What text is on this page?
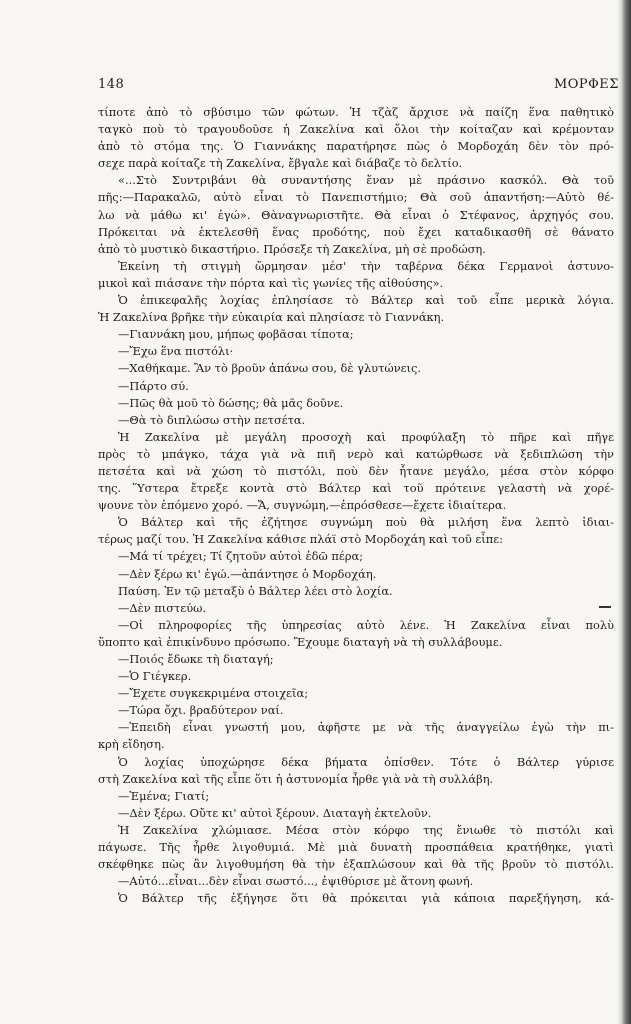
148	ΜΟΡΦΕΣ
τίποτε ἀπὸ τὸ σβύσιμο τῶν φώτων. Ἡ τζὰζ ἄρχισε νὰ παίζη ἕνα παθητικὸ
ταγκὸ ποὺ τὸ τραγουδοῦσε ἡ Ζακελίνα καὶ ὅλοι τὴν κοίταζαν καὶ κρέμονταν
ἀπὸ τὸ στόμα της. Ὁ Γιαννάκης παρατήρησε πὼς ὁ Μορδοχάη δὲν τὸν πρό-
σεχε παρὰ κοίταζε τὴ Ζακελίνα, ἔβγαλε καὶ διάβαζε τὸ δελτίο.
«...Στὸ Συντριβάνι θὰ συναντήσης ἕναν μὲ πράσινο κασκόλ. Θὰ τοῦ
πῆς:—Παρακαλῶ, αὐτὸ εἶναι τὸ Πανεπιστήμιο; Θὰ σοῦ ἀπαντήση:—Αὐτὸ θέ-
λω νὰ μάθω κι' ἐγώ». Θὰναγνωριστῆτε. Θὰ εἶναι ὁ Στέφανος, ἀρχηγός σου.
Πρόκειται νὰ ἐκτελεσθῆ ἕνας προδότης, ποὺ ἔχει καταδικασθῆ σὲ θάνατο
ἀπὸ τὸ μυστικὸ δικαστήριο. Πρόσεξε τὴ Ζακελίνα, μὴ σὲ προδώση.
Ἐκείνη τὴ στιγμὴ ὥρμησαν μέσ' τὴν ταβέρνα δέκα Γερμανοὶ ἀστυνο-
μικοὶ καὶ πιάσανε τὴν πόρτα καὶ τὶς γωνίες τῆς αἰθούσης».
Ὁ ἐπικεφαλῆς λοχίας ἐπλησίασε τὸ Βάλτερ καὶ τοῦ εἶπε μερικὰ λόγια.
Ἡ Ζακελίνα βρῆκε τὴν εὐκαιρία καὶ πλησίασε τὸ Γιαννάκη.
—Γιαννάκη μου, μήπως φοβᾶσαι τίποτα;
—Ἔχω ἕνα πιστόλι·
—Χαθήκαμε. Ἂν τὸ βροῦν ἀπάνω σου, δὲ γλυτώνεις.
—Πάρτο σύ.
—Πῶς θὰ μοῦ τὸ δώσης; θὰ μᾶς δοῦνε.
—Θὰ τὸ διπλώσω στὴν πετσέτα.
Ἡ Ζακελίνα μὲ μεγάλη προσοχὴ καὶ προφύλαξη τὸ πῆρε καὶ πῆγε
πρὸς τὸ μπάγκο, τάχα γιὰ νὰ πιῆ νερὸ καὶ κατώρθωσε νὰ ξεδιπλώση τὴν
πετσέτα καὶ νὰ χώση τὸ πιστόλι, ποὺ δὲν ἦτανε μεγάλο, μέσα στὸν κόρφο
της. Ὕστερα ἔτρεξε κοντὰ στὸ Βάλτερ καὶ τοῦ πρότεινε γελαστὴ νὰ χορέ-
ψουνε τὸν ἑπόμενο χορό. —Ἄ, συγνώμη,—ἐπρόσθεσε—ἔχετε ἰδιαίτερα.
Ὁ Βάλτερ καὶ τῆς ἐζήτησε συγνώμη ποὺ θὰ μιλήση ἕνα λεπτὸ ἰδιαι-
τέρως μαζί του. Ἡ Ζακελίνα κάθισε πλάϊ στὸ Μορδοχάη καὶ τοῦ εἶπε:
—Μά τί τρέχει; Τί ζητοῦν αὐτοὶ ἐδῶ πέρα;
—Δὲν ξέρω κι' ἐγώ.—ἀπάντησε ὁ Μορδοχάη.
Παύση. Ἐν τῷ μεταξὺ ὁ Βάλτερ λέει στὸ λοχία.
—Δὲν πιστεύω.
—Οἱ πληροφορίες τῆς ὑπηρεσίας αὐτὸ λένε. Ἡ Ζακελίνα εἶναι πολὺ
ὕποπτο καὶ ἐπικίνδυνο πρόσωπο. Ἔχουμε διαταγὴ νὰ τὴ συλλάβουμε.
—Ποιός ἔδωκε τὴ διαταγή;
—Ὁ Γιέγκερ.
—Ἔχετε συγκεκριμένα στοιχεῖα;
—Τώρα ὄχι. βραδύτερον ναί.
—Ἐπειδὴ εἶναι γνωστή μου, ἀφῆστε με νὰ τῆς ἀναγγείλω ἐγὼ τὴν πι-
κρὴ εἴδηση.
Ὁ λοχίας ὑποχώρησε δέκα βήματα ὀπίσθεν. Τότε ὁ Βάλτερ γύρισε
στὴ Ζακελίνα καὶ τῆς εἶπε ὅτι ἡ ἀστυνομία ἦρθε γιὰ νὰ τὴ συλλάβη.
—Ἐμένα; Γιατί;
—Δὲν ξέρω. Οὔτε κι' αὐτοὶ ξέρουν. Διαταγὴ ἐκτελοῦν.
Ἡ Ζακελίνα χλώμιασε. Μέσα στὸν κόρφο της ἔνιωθε τὸ πιστόλι καὶ
πάγωσε. Τῆς ἦρθε λιγοθυμιά. Μὲ μιὰ δυνατὴ προσπάθεια κρατήθηκε, γιατὶ
σκέφθηκε πὼς ἂν λιγοθυμήση θὰ τὴν ἐξαπλώσουν καὶ θὰ τῆς βροῦν τὸ πιστόλι.
—Αὐτό...εἶναι...δὲν εἶναι σωστό..., ἐψιθύρισε μὲ ἄτονη φωνή.
Ὁ Βάλτερ τῆς ἐξήγησε ὅτι θὰ πρόκειται γιὰ κάποια παρεξήγηση, κά-
